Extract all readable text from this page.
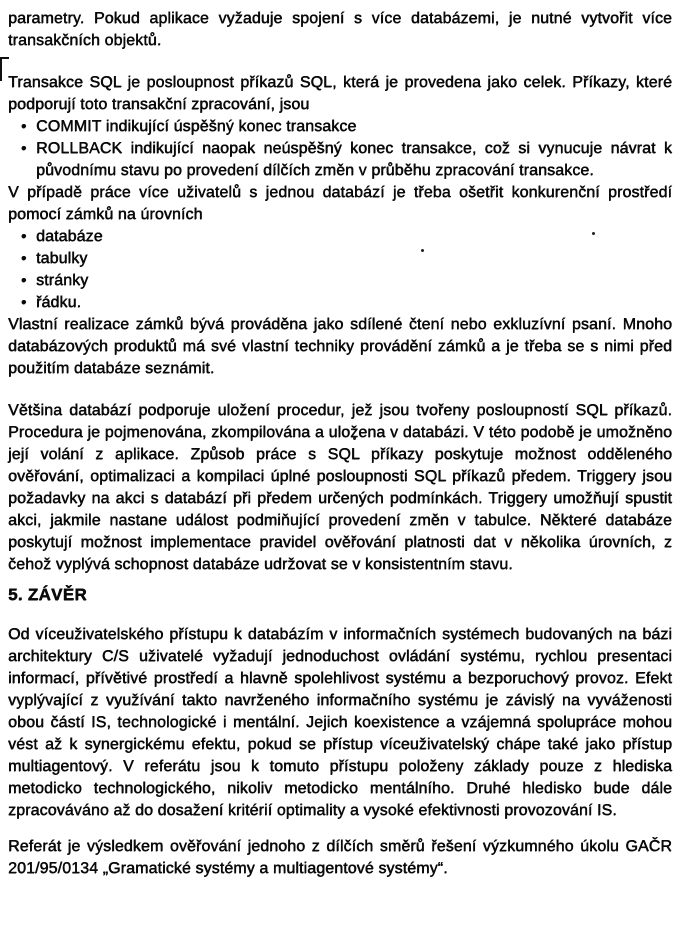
parametry. Pokud aplikace vyžaduje spojení s více databázemi, je nutné vytvořit více transakčních objektů.

Transakce SQL je posloupnost příkazů SQL, která je provedena jako celek. Příkazy, které podporují toto transakční zpracování, jsou

• COMMIT indikující úspěšný konec transakce
• ROLLBACK indikující naopak neúspěšný konec transakce, což si vynucuje návrat k původnímu stavu po provedení dílčích změn v průběhu zpracování transakce.

V případě práce více uživatelů s jednou databází je třeba ošetřit konkurenční prostředí pomocí zámků na úrovních

• databáze
• tabulky
• stránky
• řádku.

Vlastní realizace zámků bývá prováděna jako sdílené čtení nebo exkluzívní psaní. Mnoho databázových produktů má své vlastní techniky provádění zámků a je třeba se s nimi před použitím databáze seznámit.

Většina databází podporuje uložení procedur, jež jsou tvořeny posloupností SQL příkazů. Procedura je pojmenována, zkompilována a uložena v databázi. V této podobě je umožněno její volání z aplikace. Způsob práce s SQL příkazy poskytuje možnost odděleného ověřování, optimalizaci a kompilaci úplné posloupnosti SQL příkazů předem. Triggery jsou požadavky na akci s databází při předem určených podmínkách. Triggery umožňují spustit akci, jakmile nastane událost podmiňující provedení změn v tabulce. Některé databáze poskytují možnost implementace pravidel ověřování platnosti dat v několika úrovních, z čehož vyplývá schopnost databáze udržovat se v konsistentním stavu.

5. ZÁVĚR

Od víceuživatelského přístupu k databázím v informačních systémech budovaných na bázi architektury C/S uživatelé vyžadují jednoduchost ovládání systému, rychlou presentaci informací, přívětivé prostředí a hlavně spolehlivost systému a bezporuchový provoz. Efekt vyplývající z využívání takto navrženého informačního systému je závislý na vyváženosti obou částí IS, technologické i mentální. Jejich koexistence a vzájemná spolupráce mohou vést až k synergickému efektu, pokud se přístup víceuživatelský chápe také jako přístup multiagentový. V referátu jsou k tomuto přístupu položeny základy pouze z hlediska metodicko technologického, nikoliv metodicko mentálního. Druhé hledisko bude dále zpracováváno až do dosažení kritérií optimality a vysoké efektivnosti provozování IS.

Referát je výsledkem ověřování jednoho z dílčích směrů řešení výzkumného úkolu GAČR 201/95/0134 „Gramatické systémy a multiagentové systémy“.
